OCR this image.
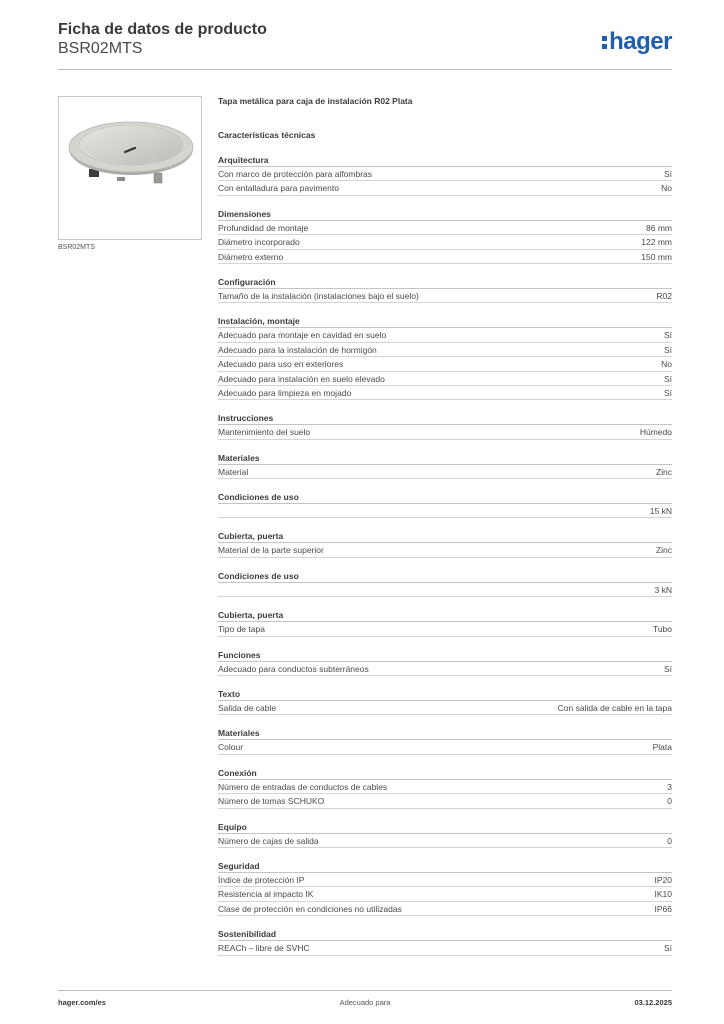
Ficha de datos de producto
BSR02MTS	hager
BSR02MTS
Tapa metálica para caja de instalación R02 Plata
Características técnicas
Arquitectura
Con marco de protección para alfombras	Sí
Con entalladura para pavimento	No
Dimensiones
Profundidad de montaje	86 mm
Diámetro incorporado	122 mm
Diámetro externo	150 mm
Configuración
Tamaño de la instalación (instalaciones bajo el suelo)	R02
Instalación, montaje
Adecuado para montaje en cavidad en suelo	Sí
Adecuado para la instalación de hormigón	Sí
Adecuado para uso en exteriores	No
Adecuado para instalación en suelo elevado	Sí
Adecuado para limpieza en mojado	Sí
Instrucciones
Mantenimiento del suelo	Húmedo
Materiales
Material	Zinc
Condiciones de uso
15 kN
Cubierta, puerta
Material de la parte superior	Zinc
Condiciones de uso
3 kN
Cubierta, puerta
Tipo de tapa	Tubo
Funciones
Adecuado para conductos subterráneos	Sí
Texto
Salida de cable	Con salida de cable en la tapa
Materiales
Colour	Plata
Conexión
Número de entradas de conductos de cables	3
Número de tomas SCHUKO	0
Equipo
Número de cajas de salida	0
Seguridad
Índice de protección IP	IP20
Resistencia al impacto IK	IK10
Clase de protección en condiciones no utilizadas	IP66
Sostenibilidad
REACh – libre de SVHC	Sí
hager.com/es	Adecuado para	03.12.2025
